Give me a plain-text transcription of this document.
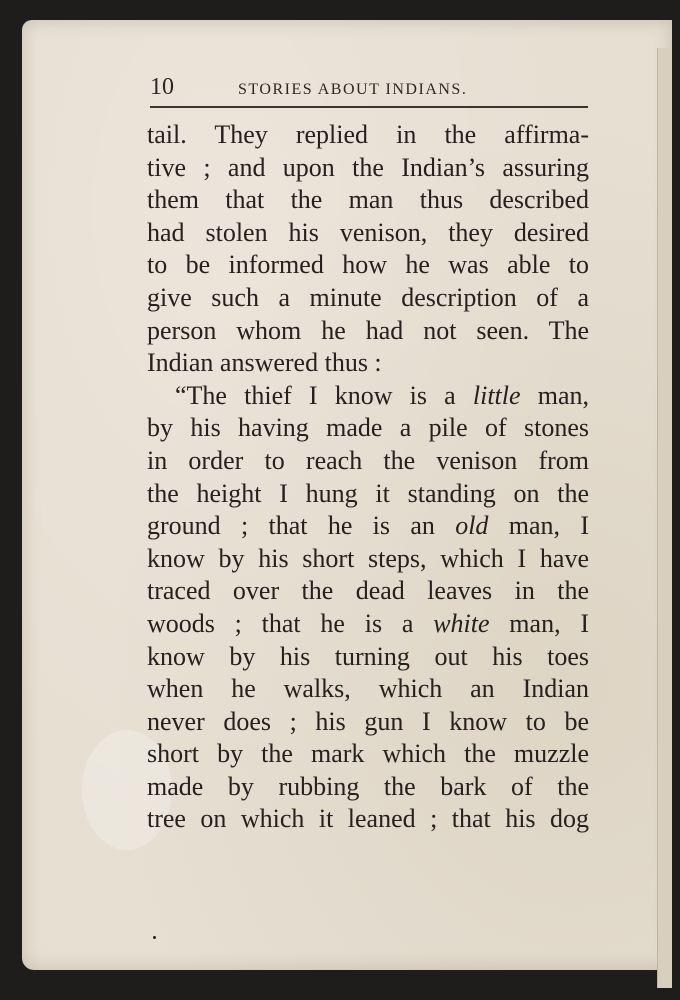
10	STORIES ABOUT INDIANS.
tail. They replied in the affirma-
tive ; and upon the Indian’s assuring
them that the man thus described
had stolen his venison, they desired
to be informed how he was able to
give such a minute description of a
person whom he had not seen. The
Indian answered thus :
“The thief I know is a little man,
by his having made a pile of stones
in order to reach the venison from
the height I hung it standing on the
ground ; that he is an old man, I
know by his short steps, which I have
traced over the dead leaves in the
woods ; that he is a white man, I
know by his turning out his toes
when he walks, which an Indian
never does ; his gun I know to be
short by the mark which the muzzle
made by rubbing the bark of the
tree on which it leaned ; that his dog
